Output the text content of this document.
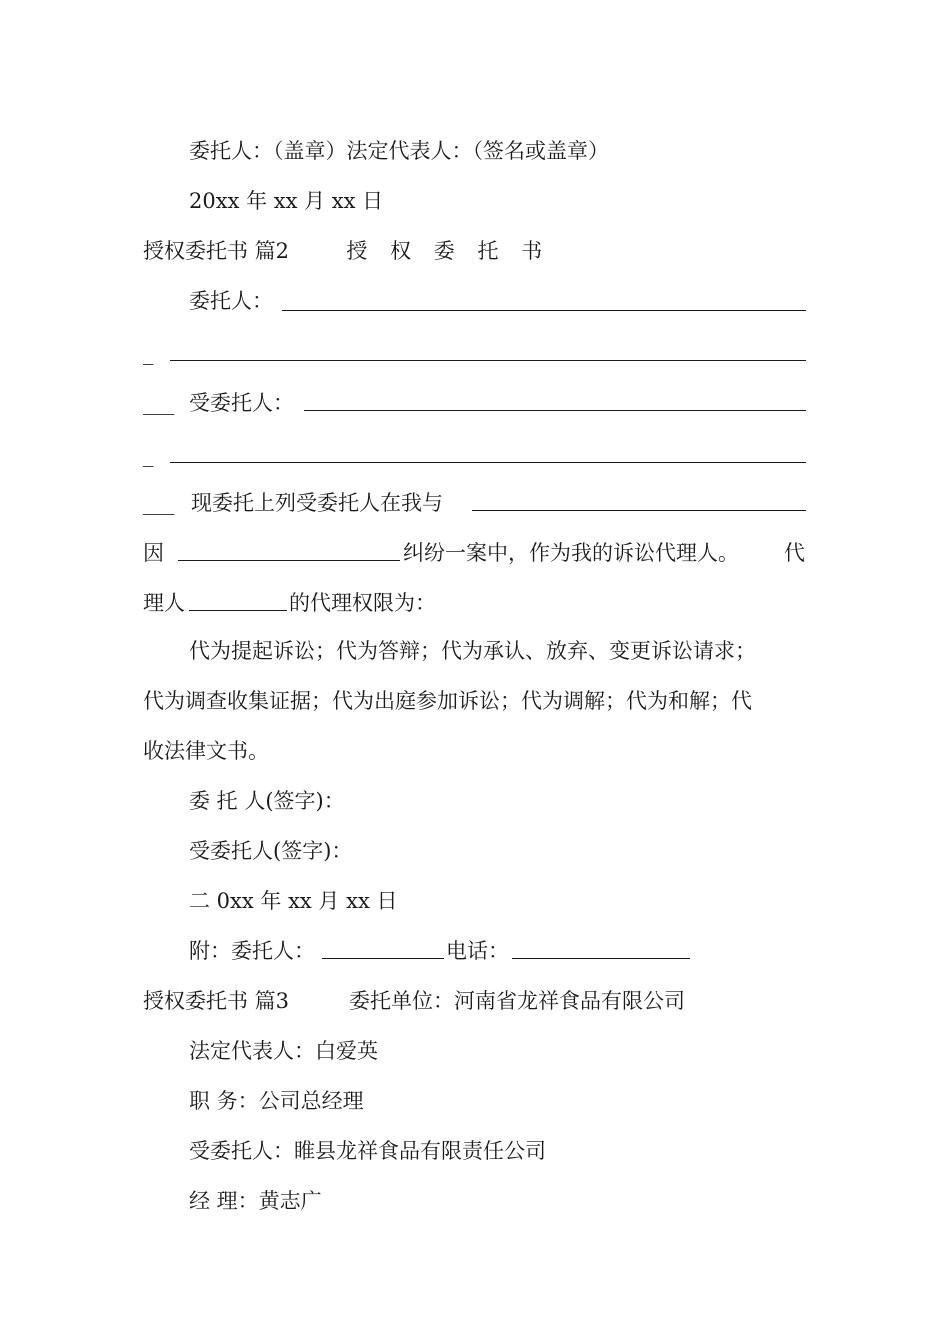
委托人：（盖章）法定代表人：（签名或盖章）
20xx 年 xx 月 xx 日
授权委托书 篇2	授 权 委 托 书
委托人：
_
___ 受委托人：
_
___ 现委托上列受委托人在我与
因	纠纷一案中，作为我的诉讼代理人。 代
理人	的代理权限为：
代为提起诉讼；代为答辩；代为承认、放弃、变更诉讼请求；
代为调查收集证据；代为出庭参加诉讼；代为调解；代为和解；代
收法律文书。
委 托 人(签字)：
受委托人(签字)：
二 0xx 年 xx 月 xx 日
附：委托人：	电话：
授权委托书 篇3	委托单位：河南省龙祥食品有限公司
法定代表人：白爱英
职 务：公司总经理
受委托人：睢县龙祥食品有限责任公司
经 理：黄志广
